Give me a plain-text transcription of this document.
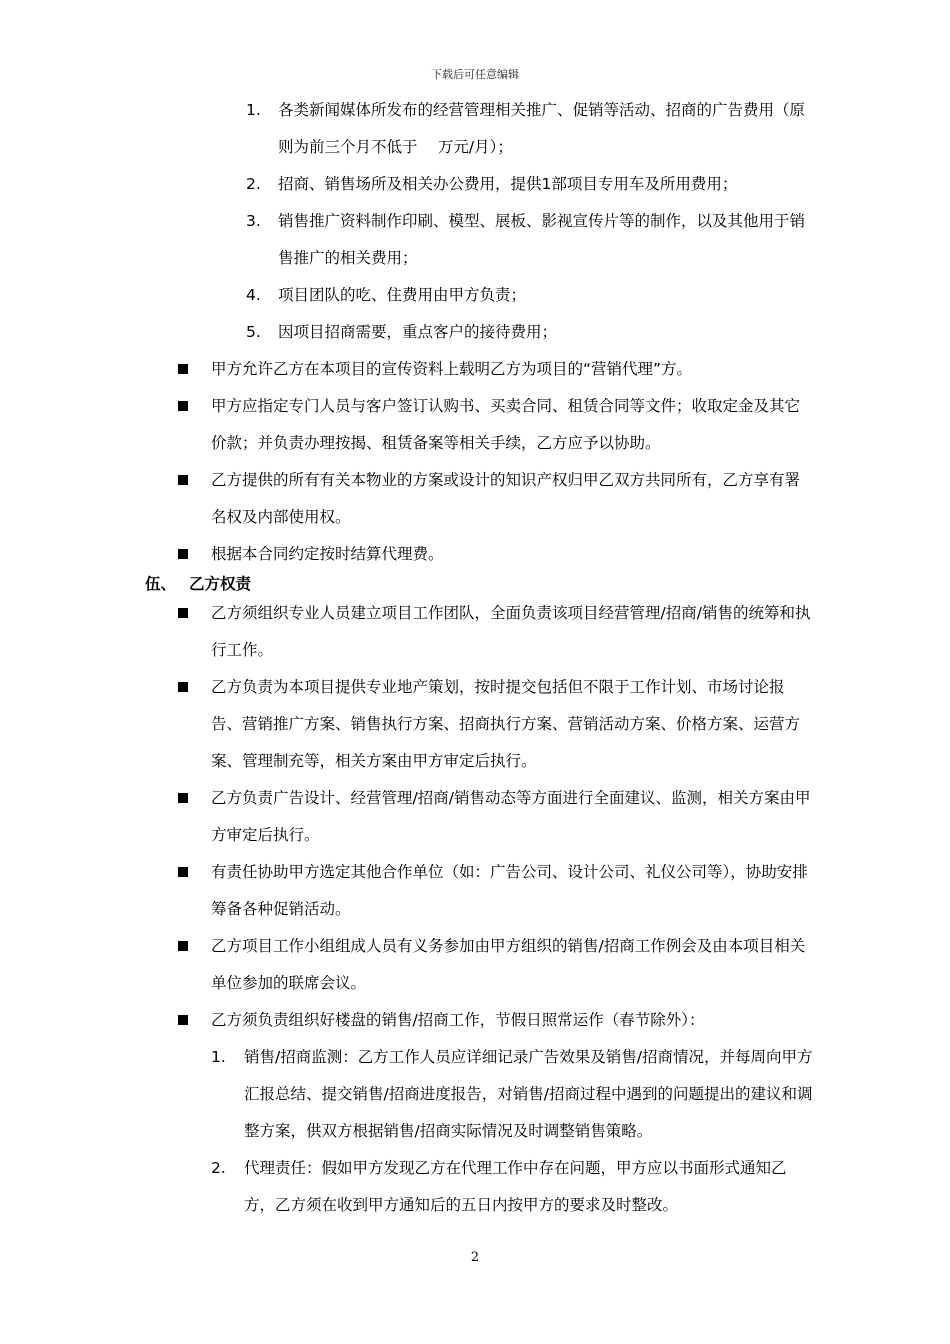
下载后可任意编辑
1. 各类新闻媒体所发布的经营管理相关推广、促销等活动、招商的广告费用（原则为前三个月不低于　 万元/月）；
2. 招商、销售场所及相关办公费用，提供1部项目专用车及所用费用；
3. 销售推广资料制作印刷、模型、展板、影视宣传片等的制作，以及其他用于销售推广的相关费用；
4. 项目团队的吃、住费用由甲方负责；
5. 因项目招商需要，重点客户的接待费用；
甲方允许乙方在本项目的宣传资料上载明乙方为项目的“营销代理”方。
甲方应指定专门人员与客户签订认购书、买卖合同、租赁合同等文件；收取定金及其它价款；并负责办理按揭、租赁备案等相关手续，乙方应予以协助。
乙方提供的所有有关本物业的方案或设计的知识产权归甲乙双方共同所有，乙方享有署名权及内部使用权。
根据本合同约定按时结算代理费。
伍、 乙方权责
乙方须组织专业人员建立项目工作团队，全面负责该项目经营管理/招商/销售的统筹和执行工作。
乙方负责为本项目提供专业地产策划，按时提交包括但不限于工作计划、市场讨论报告、营销推广方案、销售执行方案、招商执行方案、营销活动方案、价格方案、运营方案、管理制充等，相关方案由甲方审定后执行。
乙方负责广告设计、经营管理/招商/销售动态等方面进行全面建议、监测，相关方案由甲方审定后执行。
有责任协助甲方选定其他合作单位（如：广告公司、设计公司、礼仪公司等），协助安排筹备各种促销活动。
乙方项目工作小组组成人员有义务参加由甲方组织的销售/招商工作例会及由本项目相关单位参加的联席会议。
乙方须负责组织好楼盘的销售/招商工作，节假日照常运作（春节除外）：
1. 销售/招商监测：乙方工作人员应详细记录广告效果及销售/招商情况，并每周向甲方汇报总结、提交销售/招商进度报告，对销售/招商过程中遇到的问题提出的建议和调整方案，供双方根据销售/招商实际情况及时调整销售策略。
2. 代理责任：假如甲方发现乙方在代理工作中存在问题，甲方应以书面形式通知乙方，乙方须在收到甲方通知后的五日内按甲方的要求及时整改。
2
